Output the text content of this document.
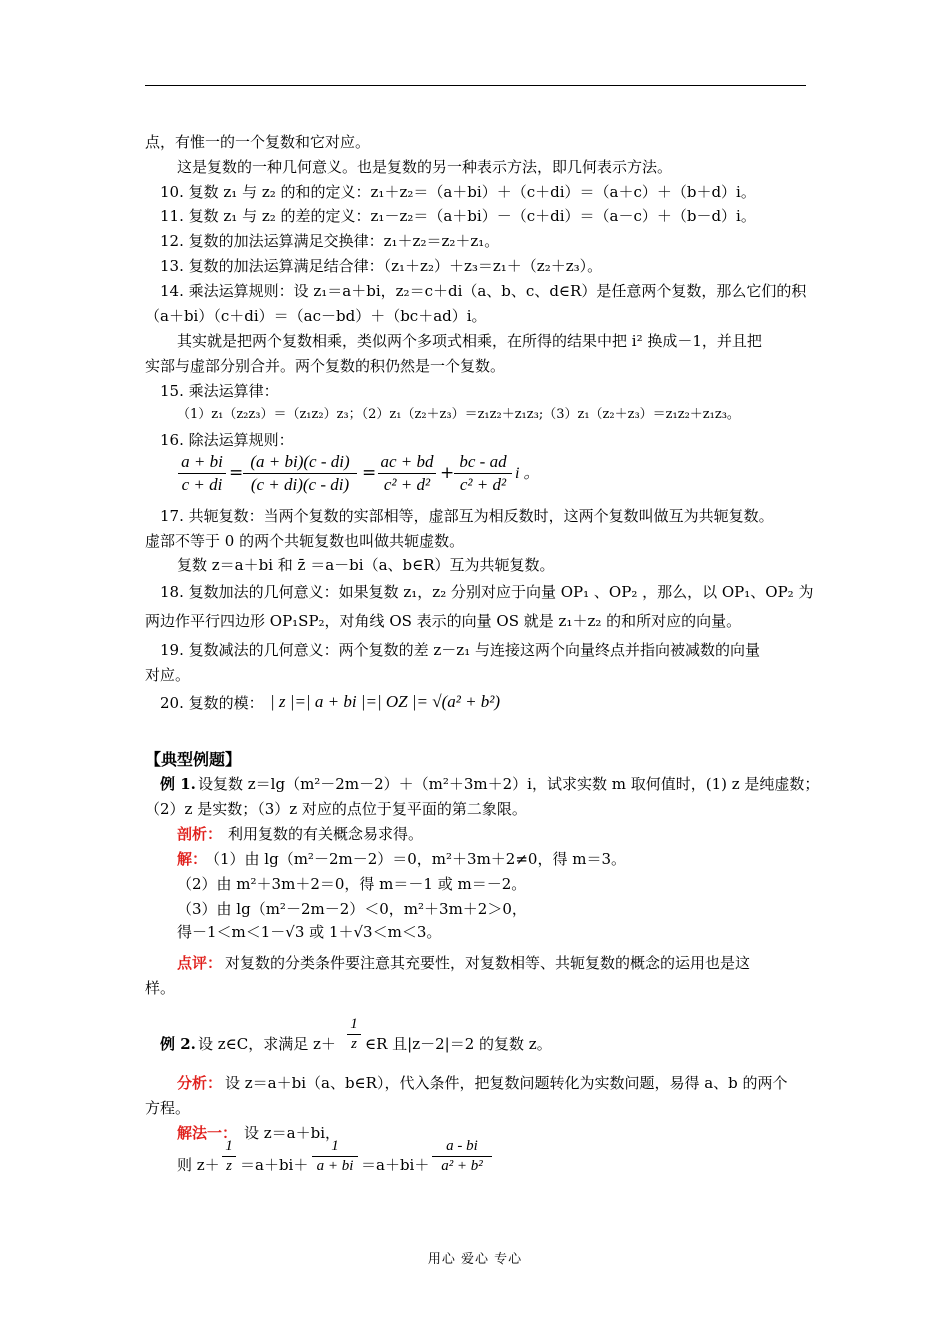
点，有惟一的一个复数和它对应。
这是复数的一种几何意义。也是复数的另一种表示方法，即几何表示方法。
10. 复数 z₁ 与 z₂ 的和的定义：z₁＋z₂＝（a＋bi）＋（c＋di）＝（a＋c）＋（b＋d）i。
11. 复数 z₁ 与 z₂ 的差的定义：z₁－z₂＝（a＋bi）－（c＋di）＝（a－c）＋（b－d）i。
12. 复数的加法运算满足交换律：z₁＋z₂＝z₂＋z₁。
13. 复数的加法运算满足结合律：（z₁＋z₂）＋z₃＝z₁＋（z₂＋z₃）。
14. 乘法运算规则：设 z₁＝a＋bi，z₂＝c＋di（a、b、c、d∈R）是任意两个复数，那么它们的积
（a＋bi）（c＋di）＝（ac－bd）＋（bc＋ad）i。
其实就是把两个复数相乘，类似两个多项式相乘，在所得的结果中把 i² 换成－1，并且把
实部与虚部分别合并。两个复数的积仍然是一个复数。
15. 乘法运算律：
（1）z₁（z₂z₃）＝（z₁z₂）z₃；（2）z₁（z₂＋z₃）＝z₁z₂＋z₁z₃;（3）z₁（z₂＋z₃）＝z₁z₂＋z₁z₃。
16. 除法运算规则：
a + bi
c + di
=
(a + bi)(c - di)
(c + di)(c - di)
=
ac + bd
c² + d²
+
bc - ad
c² + d²
i 。
17. 共轭复数：当两个复数的实部相等，虚部互为相反数时，这两个复数叫做互为共轭复数。
虚部不等于 0 的两个共轭复数也叫做共轭虚数。
复数 z＝a＋bi 和 z̄ ＝a－bi（a、b∈R）互为共轭复数。
18. 复数加法的几何意义：如果复数 z₁，z₂ 分别对应于向量 OP₁ 、OP₂ ，那么，以 OP₁、OP₂ 为
两边作平行四边形 OP₁SP₂，对角线 OS 表示的向量 OS 就是 z₁＋z₂ 的和所对应的向量。
19. 复数减法的几何意义：两个复数的差 z－z₁ 与连接这两个向量终点并指向被减数的向量
对应。
20. 复数的模： | z |=| a + bi |=| OZ |= √(a² + b²)
【典型例题】
例 1. 设复数 z＝lg（m²－2m－2）＋（m²＋3m＋2）i，试求实数 m 取何值时，(1) z 是纯虚数；
（2）z 是实数；（3）z 对应的点位于复平面的第二象限。
剖析： 利用复数的有关概念易求得。
解：
（1）由 lg（m²－2m－2）＝0，m²＋3m＋2≠0，得 m＝3。
（2）由 m²＋3m＋2＝0，得 m＝－1 或 m＝－2。
（3）由 lg（m²－2m－2）＜0，m²＋3m＋2＞0，
得－1＜m＜1－√3 或 1＋√3＜m＜3。
点评： 对复数的分类条件要注意其充要性，对复数相等、共轭复数的概念的运用也是这
样。
例 2. 设 z∈C，求满足 z＋
1
z ∈R 且|z－2|＝2 的复数 z。
分析： 设 z＝a＋bi（a、b∈R），代入条件，把复数问题转化为实数问题，易得 a、b 的两个
方程。
解法一： 设 z＝a＋bi，
则 z＋
1
z ＝a＋bi＋
1
a + bi ＝a＋bi＋
a - bi
a² + b²
用心 爱心 专心
